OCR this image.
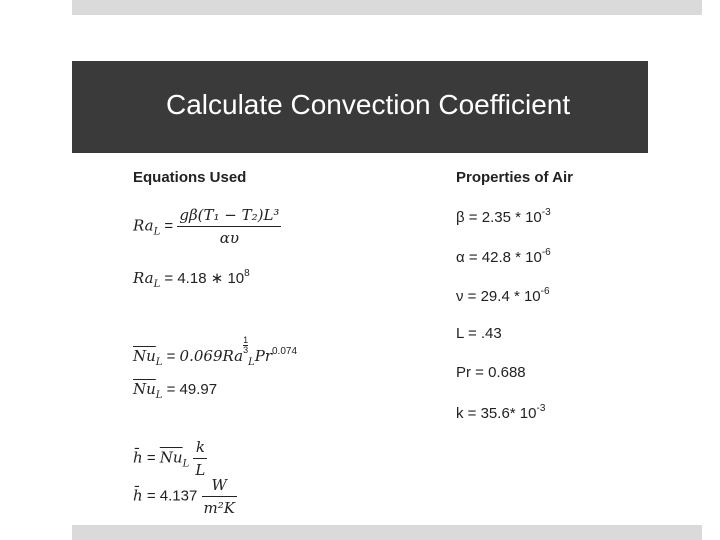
Calculate Convection Coefficient
Equations Used	Properties of Air
$Ra_L = \frac{\text{gβ(T₁ − T₂)L³}}{\alpha\upsilon}$
$Ra_L = 4.18$ ∗ $10^8$
$\overline{Nu}_L = 0.069Ra$
$\frac{1}{3}$
$_LPr^{0.074}$
$\overline{Nu}_L = 49.97$
h̄ = $\overline{Nu}_L \frac{k}{L}$
h̄ = $4.137 \frac{W}{\text{m²K}}$
$\beta = 2.35 * 10^{-3}$
$\alpha = 42.8 * 10^{-6}$
$\nu = 29.4 * 10^{-6}$
L = .43
Pr = 0.688
k = 35.6* $10^{-3}$
